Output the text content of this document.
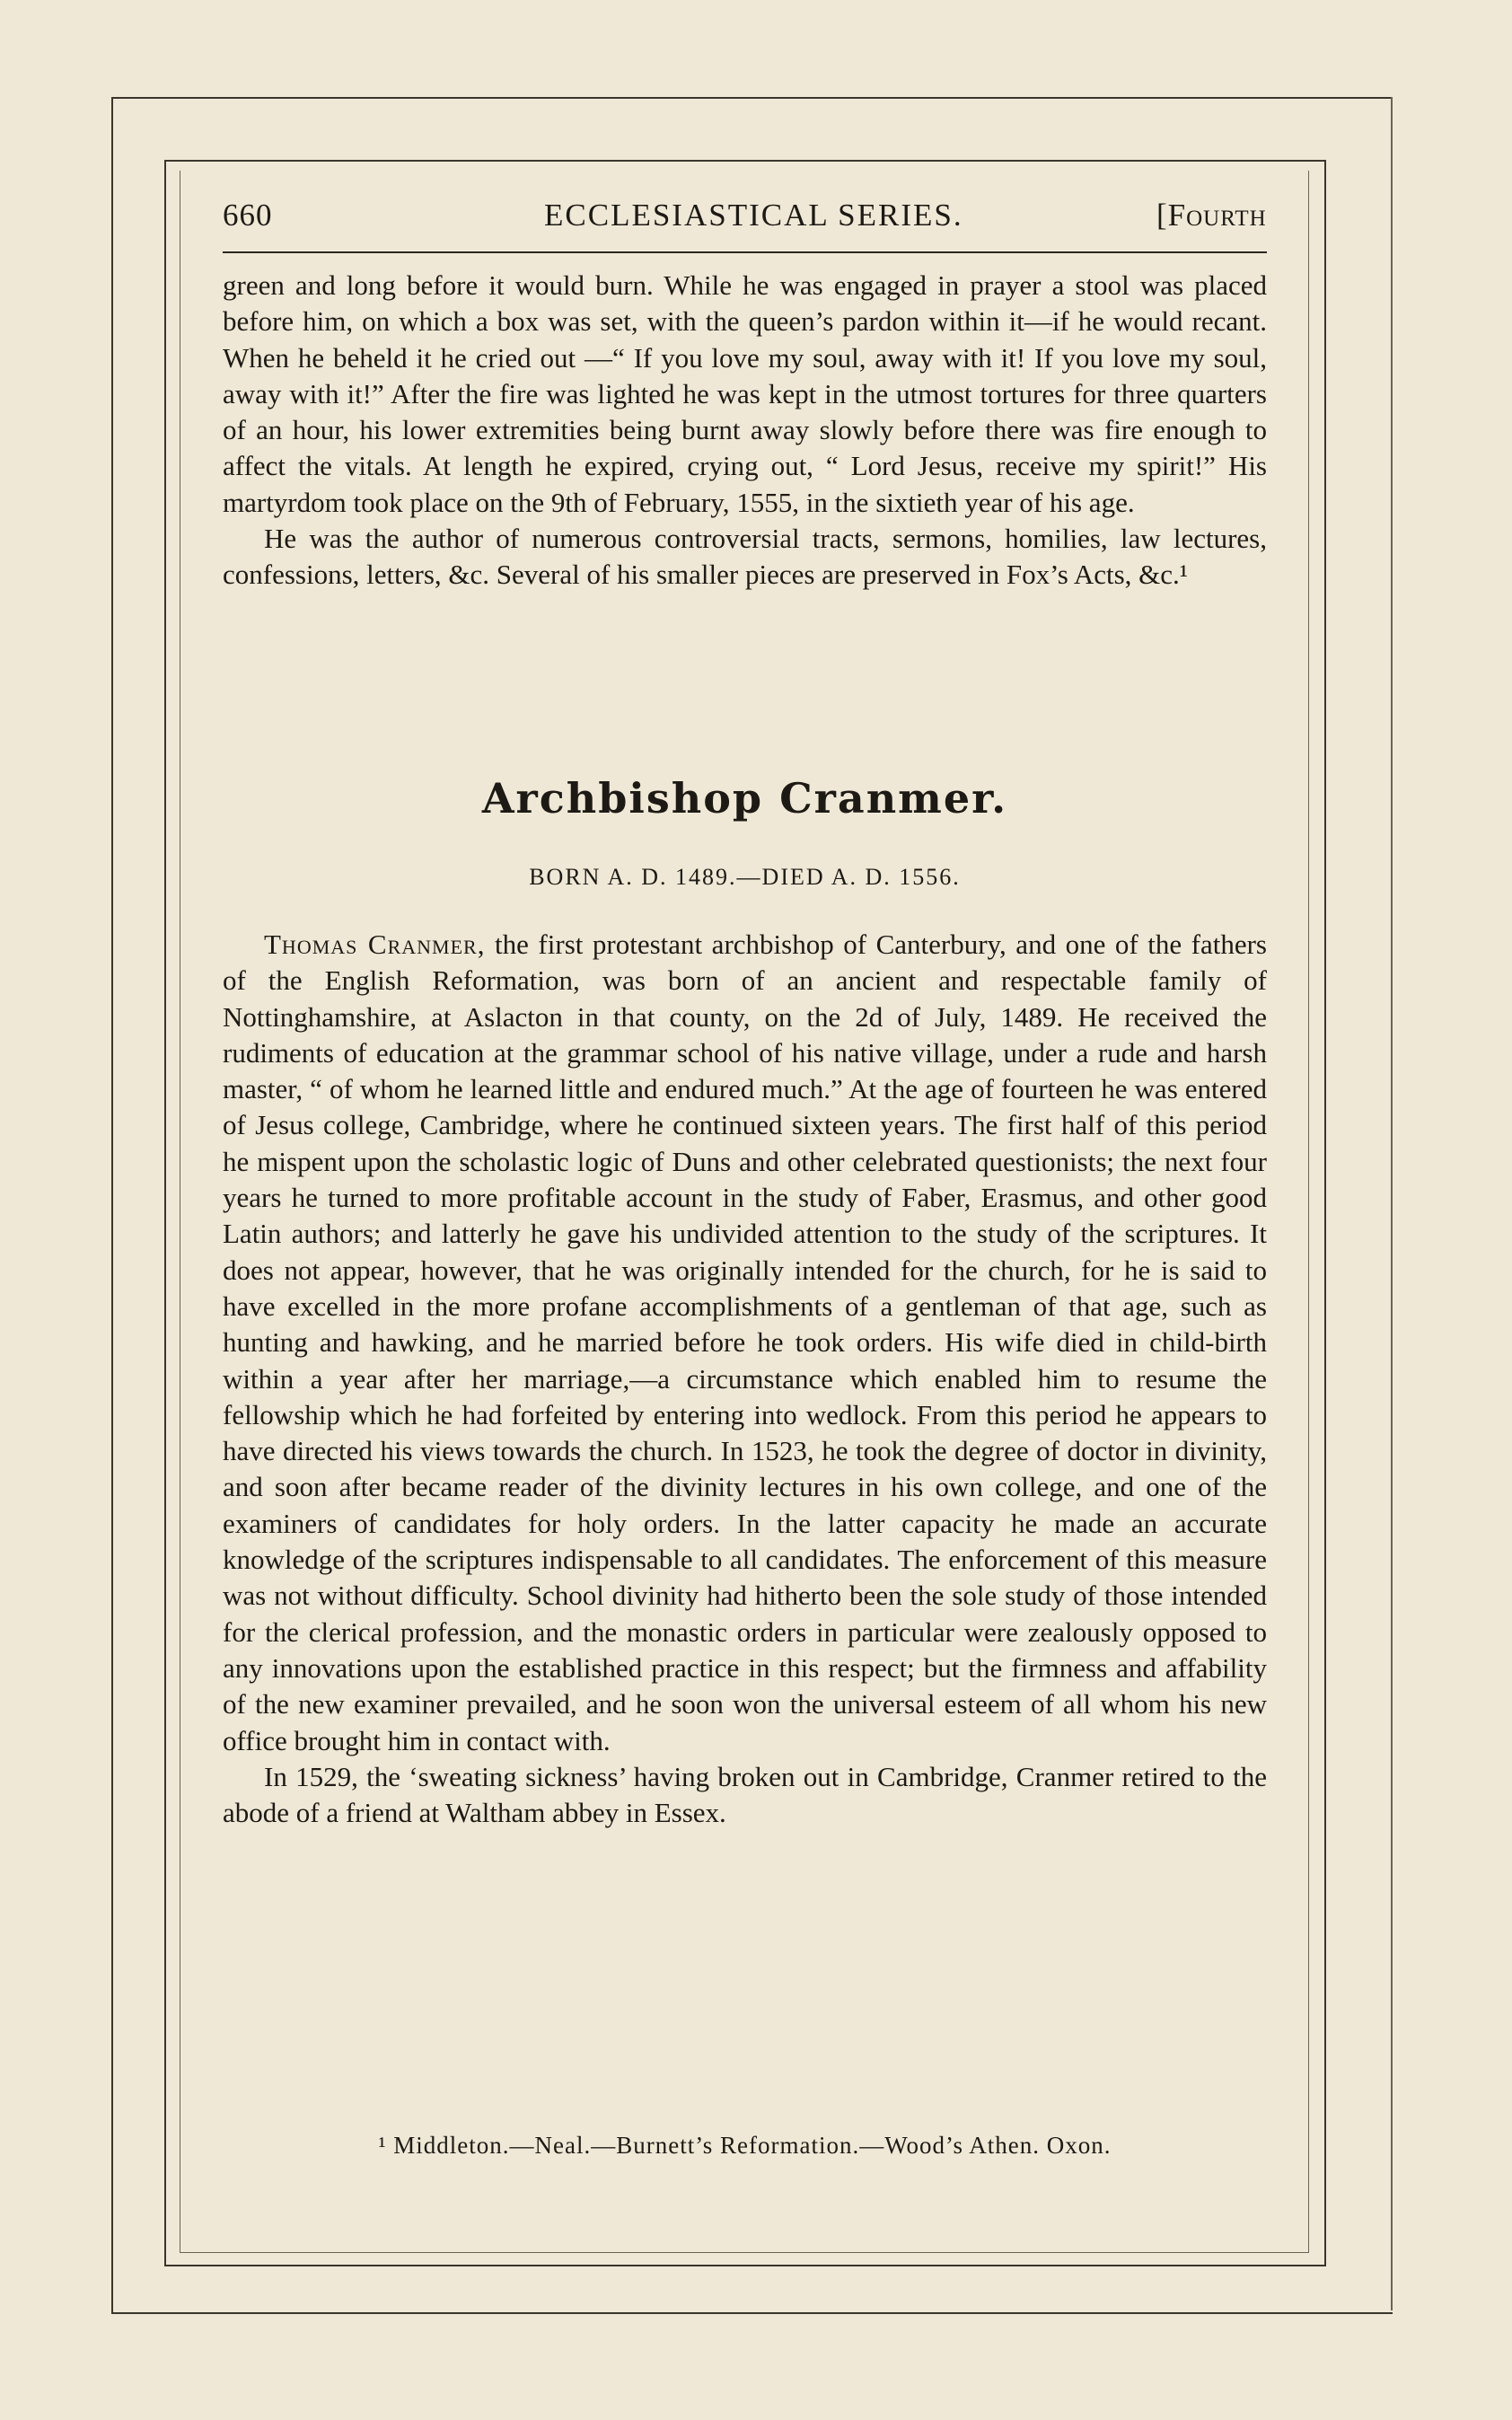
660	ECCLESIASTICAL SERIES.	[Fourth

green and long before it would burn. While he was engaged in prayer a stool was placed before him, on which a box was set, with the queen’s pardon within it—if he would recant. When he beheld it he cried out —“ If you love my soul, away with it! If you love my soul, away with it!” After the fire was lighted he was kept in the utmost tortures for three quarters of an hour, his lower extremities being burnt away slowly before there was fire enough to affect the vitals. At length he expired, crying out, “ Lord Jesus, receive my spirit!” His martyrdom took place on the 9th of February, 1555, in the sixtieth year of his age.

He was the author of numerous controversial tracts, sermons, homilies, law lectures, confessions, letters, &c. Several of his smaller pieces are preserved in Fox’s Acts, &c.¹

Archbishop Cranmer.
BORN A. D. 1489.—DIED A. D. 1556.

Thomas Cranmer, the first protestant archbishop of Canterbury, and one of the fathers of the English Reformation, was born of an ancient and respectable family of Nottinghamshire, at Aslacton in that county, on the 2d of July, 1489. He received the rudiments of education at the grammar school of his native village, under a rude and harsh master, “ of whom he learned little and endured much.” At the age of fourteen he was entered of Jesus college, Cambridge, where he continued sixteen years. The first half of this period he mispent upon the scholastic logic of Duns and other celebrated questionists; the next four years he turned to more profitable account in the study of Faber, Erasmus, and other good Latin authors; and latterly he gave his undivided attention to the study of the scriptures. It does not appear, however, that he was originally intended for the church, for he is said to have excelled in the more profane accomplishments of a gentleman of that age, such as hunting and hawking, and he married before he took orders. His wife died in child-birth within a year after her marriage,—a circumstance which enabled him to resume the fellowship which he had forfeited by entering into wedlock. From this period he appears to have directed his views towards the church. In 1523, he took the degree of doctor in divinity, and soon after became reader of the divinity lectures in his own college, and one of the examiners of candidates for holy orders. In the latter capacity he made an accurate knowledge of the scriptures indispensable to all candidates. The enforcement of this measure was not without difficulty. School divinity had hitherto been the sole study of those intended for the clerical profession, and the monastic orders in particular were zealously opposed to any innovations upon the established practice in this respect; but the firmness and affability of the new examiner prevailed, and he soon won the universal esteem of all whom his new office brought him in contact with.

In 1529, the ‘sweating sickness’ having broken out in Cambridge, Cranmer retired to the abode of a friend at Waltham abbey in Essex.

¹ Middleton.—Neal.—Burnett’s Reformation.—Wood’s Athen. Oxon.
